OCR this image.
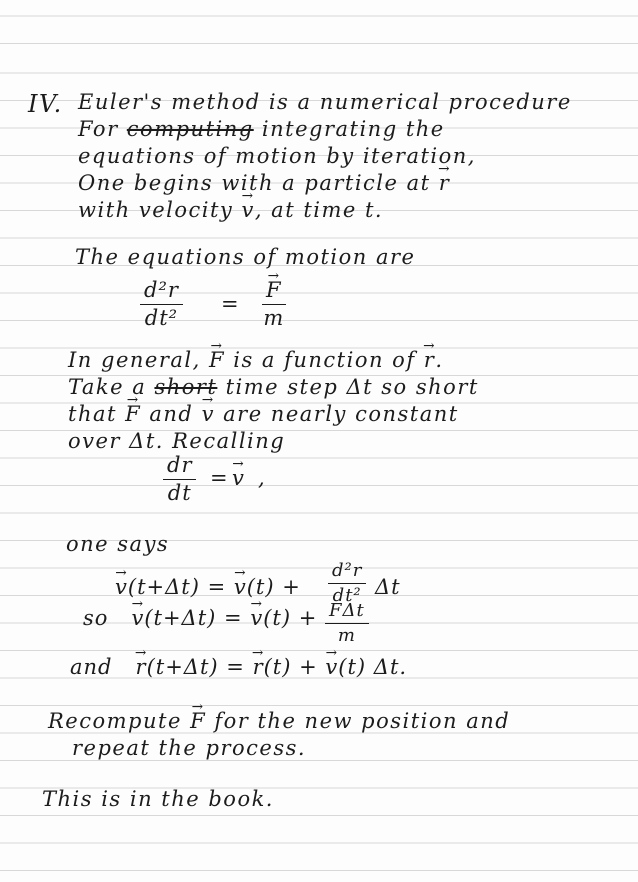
IV. Euler's method is a numerical procedure
For computing integrating the
equations of motion by iteration,
One begins with a particle at → r
with velocity → v, at time t.
The equations of motion are
d²r
dt²
=
→ F
m
In general, → F is a function of → r.
Take a short time step Δt so short
that → F and → v are nearly constant
over Δt. Recalling
dr
dt
= → v ,
one says
→ v(t+Δt) = → v(t) +
d²r
dt² Δt
so → v(t+Δt) = → v(t) + FΔt
m
and → r(t+Δt) = → r(t) + → v(t) Δt.
Recompute → F for the new position and
repeat the process.
This is in the book.
